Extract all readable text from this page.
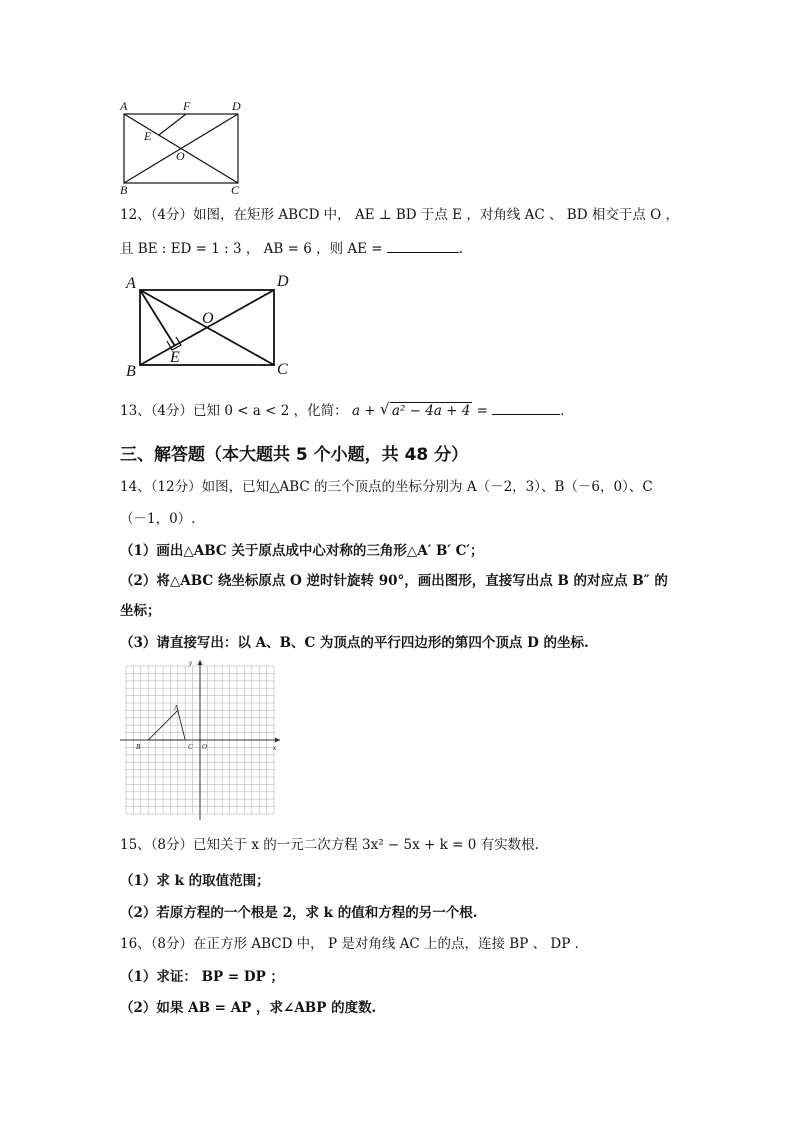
A	F	D
E
O
B	C
12、（4分）如图，在矩形 ABCD 中， AE ⊥ BD 于点 E ，对角线 AC 、 BD 相交于点 O ，
且 BE : ED = 1 : 3 ， AB = 6 ，则 AE =	．
A	D
O
E
B	C
13、（4分）已知 0 < a < 2 ，化简： a + √ a² − 4a + 4 =	．
三、解答题（本大题共 5 个小题，共 48 分）
14、（12分）如图，已知△ABC 的三个顶点的坐标分别为 A（－2，3）、B（－6，0）、C
（－1，0）.
（1）画出△ABC 关于原点成中心对称的三角形△A′ B′ C′；
（2）将△ABC 绕坐标原点 O 逆时针旋转 90°，画出图形，直接写出点 B 的对应点 B″ 的
坐标；
（3）请直接写出：以 A、B、C 为顶点的平行四边形的第四个顶点 D 的坐标.
y
x
A
B	C O
15、（8分）已知关于 x 的一元二次方程 3x² − 5x + k = 0 有实数根.
（1）求 k 的取值范围；
（2）若原方程的一个根是 2，求 k 的值和方程的另一个根.
16、（8分）在正方形 ABCD 中， P 是对角线 AC 上的点，连接 BP 、 DP ．
（1）求证： BP = DP ；
（2）如果 AB = AP ，求∠ABP 的度数.
